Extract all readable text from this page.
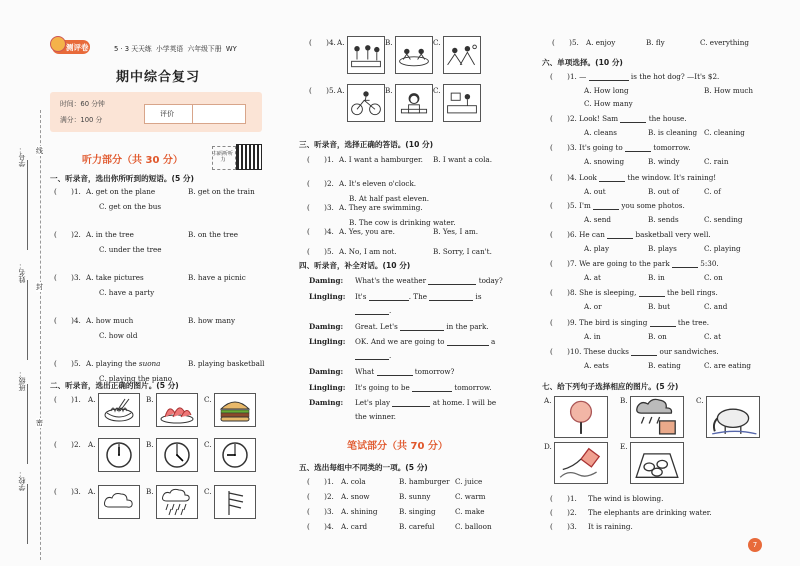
学号： 线
姓名：
封
班级：
密
学校：
测评卷	5 · 3 天天练 小学英语 六年级下册 WY
期中综合复习
时间：60 分钟
满分：100 分
评价
听力部分（共 30 分）
扫码听听力
一、听录音，选出你所听到的短语。(5 分)
(　　)1. A. get on the plane	B. get on the train
C. get on the bus
(　　)2. A. in the tree	B. on the tree
C. under the tree
(　　)3. A. take pictures	B. have a picnic
C. have a party
(　　)4. A. how much	B. how many
C. how old
(　　)5. A. playing the suona	B. playing basketball
C. playing the piano
二、听录音，选出正确的图片。(5 分)
(　　)1. A.	B.	C.
(　　)2. A.	B.	C.
(　　)3. A.	B.	C.
(　　)4. A.	B.	C.
(　　)5. A.	B.	C.
三、听录音，选择正确的答语。(10 分)
(　　)1. A. I want a hamburger. B. I want a cola.
(　　)2. A. It's eleven o'clock.
B. At half past eleven.
(　　)3. A. They are swimming.
B. The cow is drinking water.
(　　)4. A. Yes, you are.	B. Yes, I am.
(　　)5. A. No, I am not.	B. Sorry, I can't.
四、听录音，补全对话。(10 分)
Daming: What's the weather	today?
Lingling: It's	. The	is
.
Daming: Great. Let's	in the park.
Lingling: OK. And we are going to	a
.
Daming: What	tomorrow?
Lingling: It's going to be	tomorrow.
Daming: Let's play	at home. I will be
the winner.
笔试部分（共 70 分）
五、选出每组中不同类的一项。(5 分)
(　　)1. A. cola	B. hamburger C. juice
(　　)2. A. snow	B. sunny	C. warm
(　　)3. A. shining	B. singing	C. make
(　　)4. A. card	B. careful	C. balloon
(　　)5. A. enjoy	B. fly	C. everything
六、单项选择。(10 分)
(　　)1. —	is the hot dog? —It's $2.
A. How long	B. How much
C. How many
(　　)2. Look! Sam	the house.
A. cleans	B. is cleaning C. cleaning
(　　)3. It's going to	tomorrow.
A. snowing	B. windy	C. rain
(　　)4. Look	the window. It's raining!
A. out	B. out of	C. of
(　　)5. I'm	you some photos.
A. send	B. sends	C. sending
(　　)6. He can	basketball very well.
A. play	B. plays	C. playing
(　　)7. We are going to the park	5:30.
A. at	B. in	C. on
(　　)8. She is sleeping,	the bell rings.
A. or	B. but	C. and
(　　)9. The bird is singing	the tree.
A. in	B. on	C. at
(　　)10. These ducks	our sandwiches.
A. eats	B. eating	C. are eating
七、给下列句子选择相应的图片。(5 分)
A.	B.	C.
D.	E.
(　　)1. The wind is blowing.
(　　)2. The elephants are drinking water.
(　　)3. It is raining.
7
